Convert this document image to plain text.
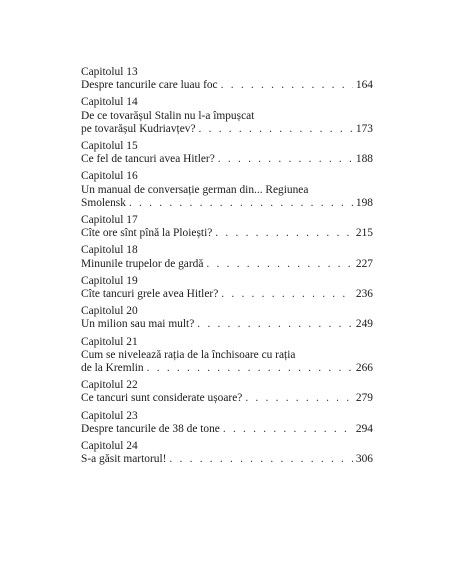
Capitolul 13
Despre tancurile care luau foc . . .	164
Capitolul 14
De ce tovarășul Stalin nu l-a împușcat
pe tovarășul Kudriavțev? . . .	173
Capitolul 15
Ce fel de tancuri avea Hitler? . . .	188
Capitolul 16
Un manual de conversație german din... Regiunea
Smolensk . . .	198
Capitolul 17
Cîte ore sînt pînă la Ploiești? . . .	215
Capitolul 18
Minunile trupelor de gardă . . .	227
Capitolul 19
Cîte tancuri grele avea Hitler? . . .	236
Capitolul 20
Un milion sau mai mult? . . .	249
Capitolul 21
Cum se nivelează rația de la închisoare cu rația
de la Kremlin . . .	266
Capitolul 22
Ce tancuri sunt considerate ușoare? . . .	279
Capitolul 23
Despre tancurile de 38 de tone . . .	294
Capitolul 24
S-a găsit martorul! . . .	306
